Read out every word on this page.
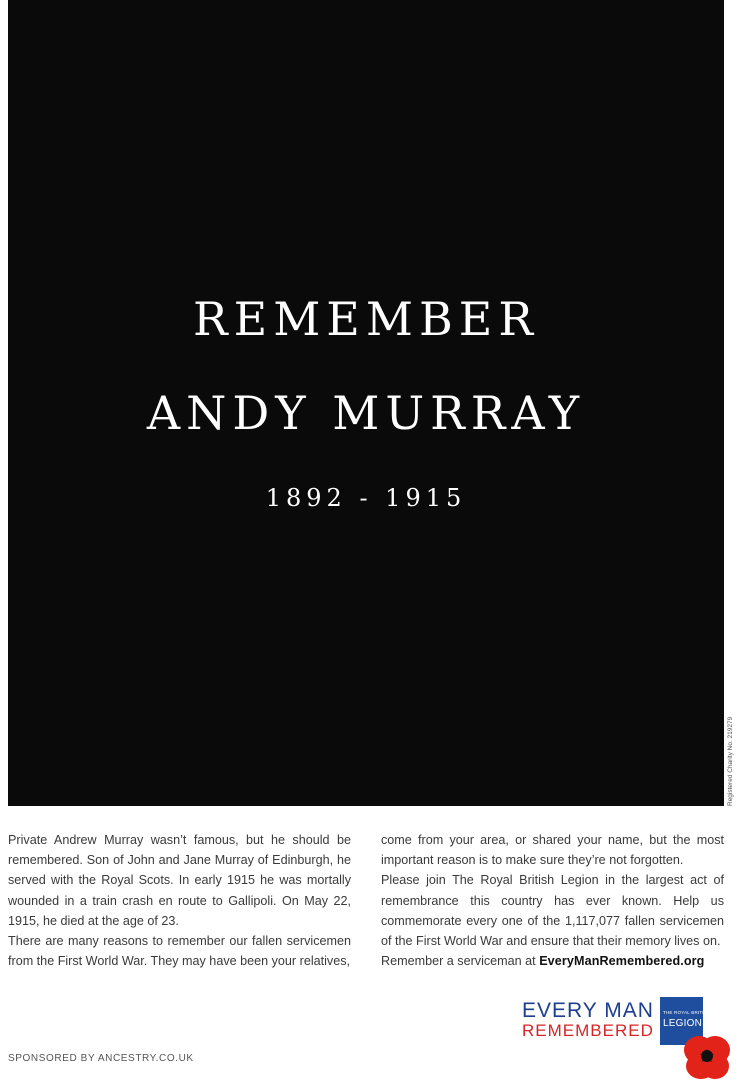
REMEMBER
ANDY MURRAY
1892 - 1915
Registered Charity No. 219279

Private Andrew Murray wasn’t famous, but he should be remembered. Son of John and Jane Murray of Edinburgh, he served with the Royal Scots. In early 1915 he was mortally wounded in a train crash en route to Gallipoli. On May 22, 1915, he died at the age of 23.

There are many reasons to remember our fallen servicemen from the First World War. They may have been your relatives,

come from your area, or shared your name, but the most important reason is to make sure they’re not forgotten.

Please join The Royal British Legion in the largest act of remembrance this country has ever known. Help us commemorate every one of the 1,117,077 fallen servicemen of the First World War and ensure that their memory lives on.

Remember a serviceman at EveryManRemembered.org

EVERY MAN
REMEMBERED
THE ROYAL BRITISH
LEGION
SPONSORED BY ANCESTRY.CO.UK
